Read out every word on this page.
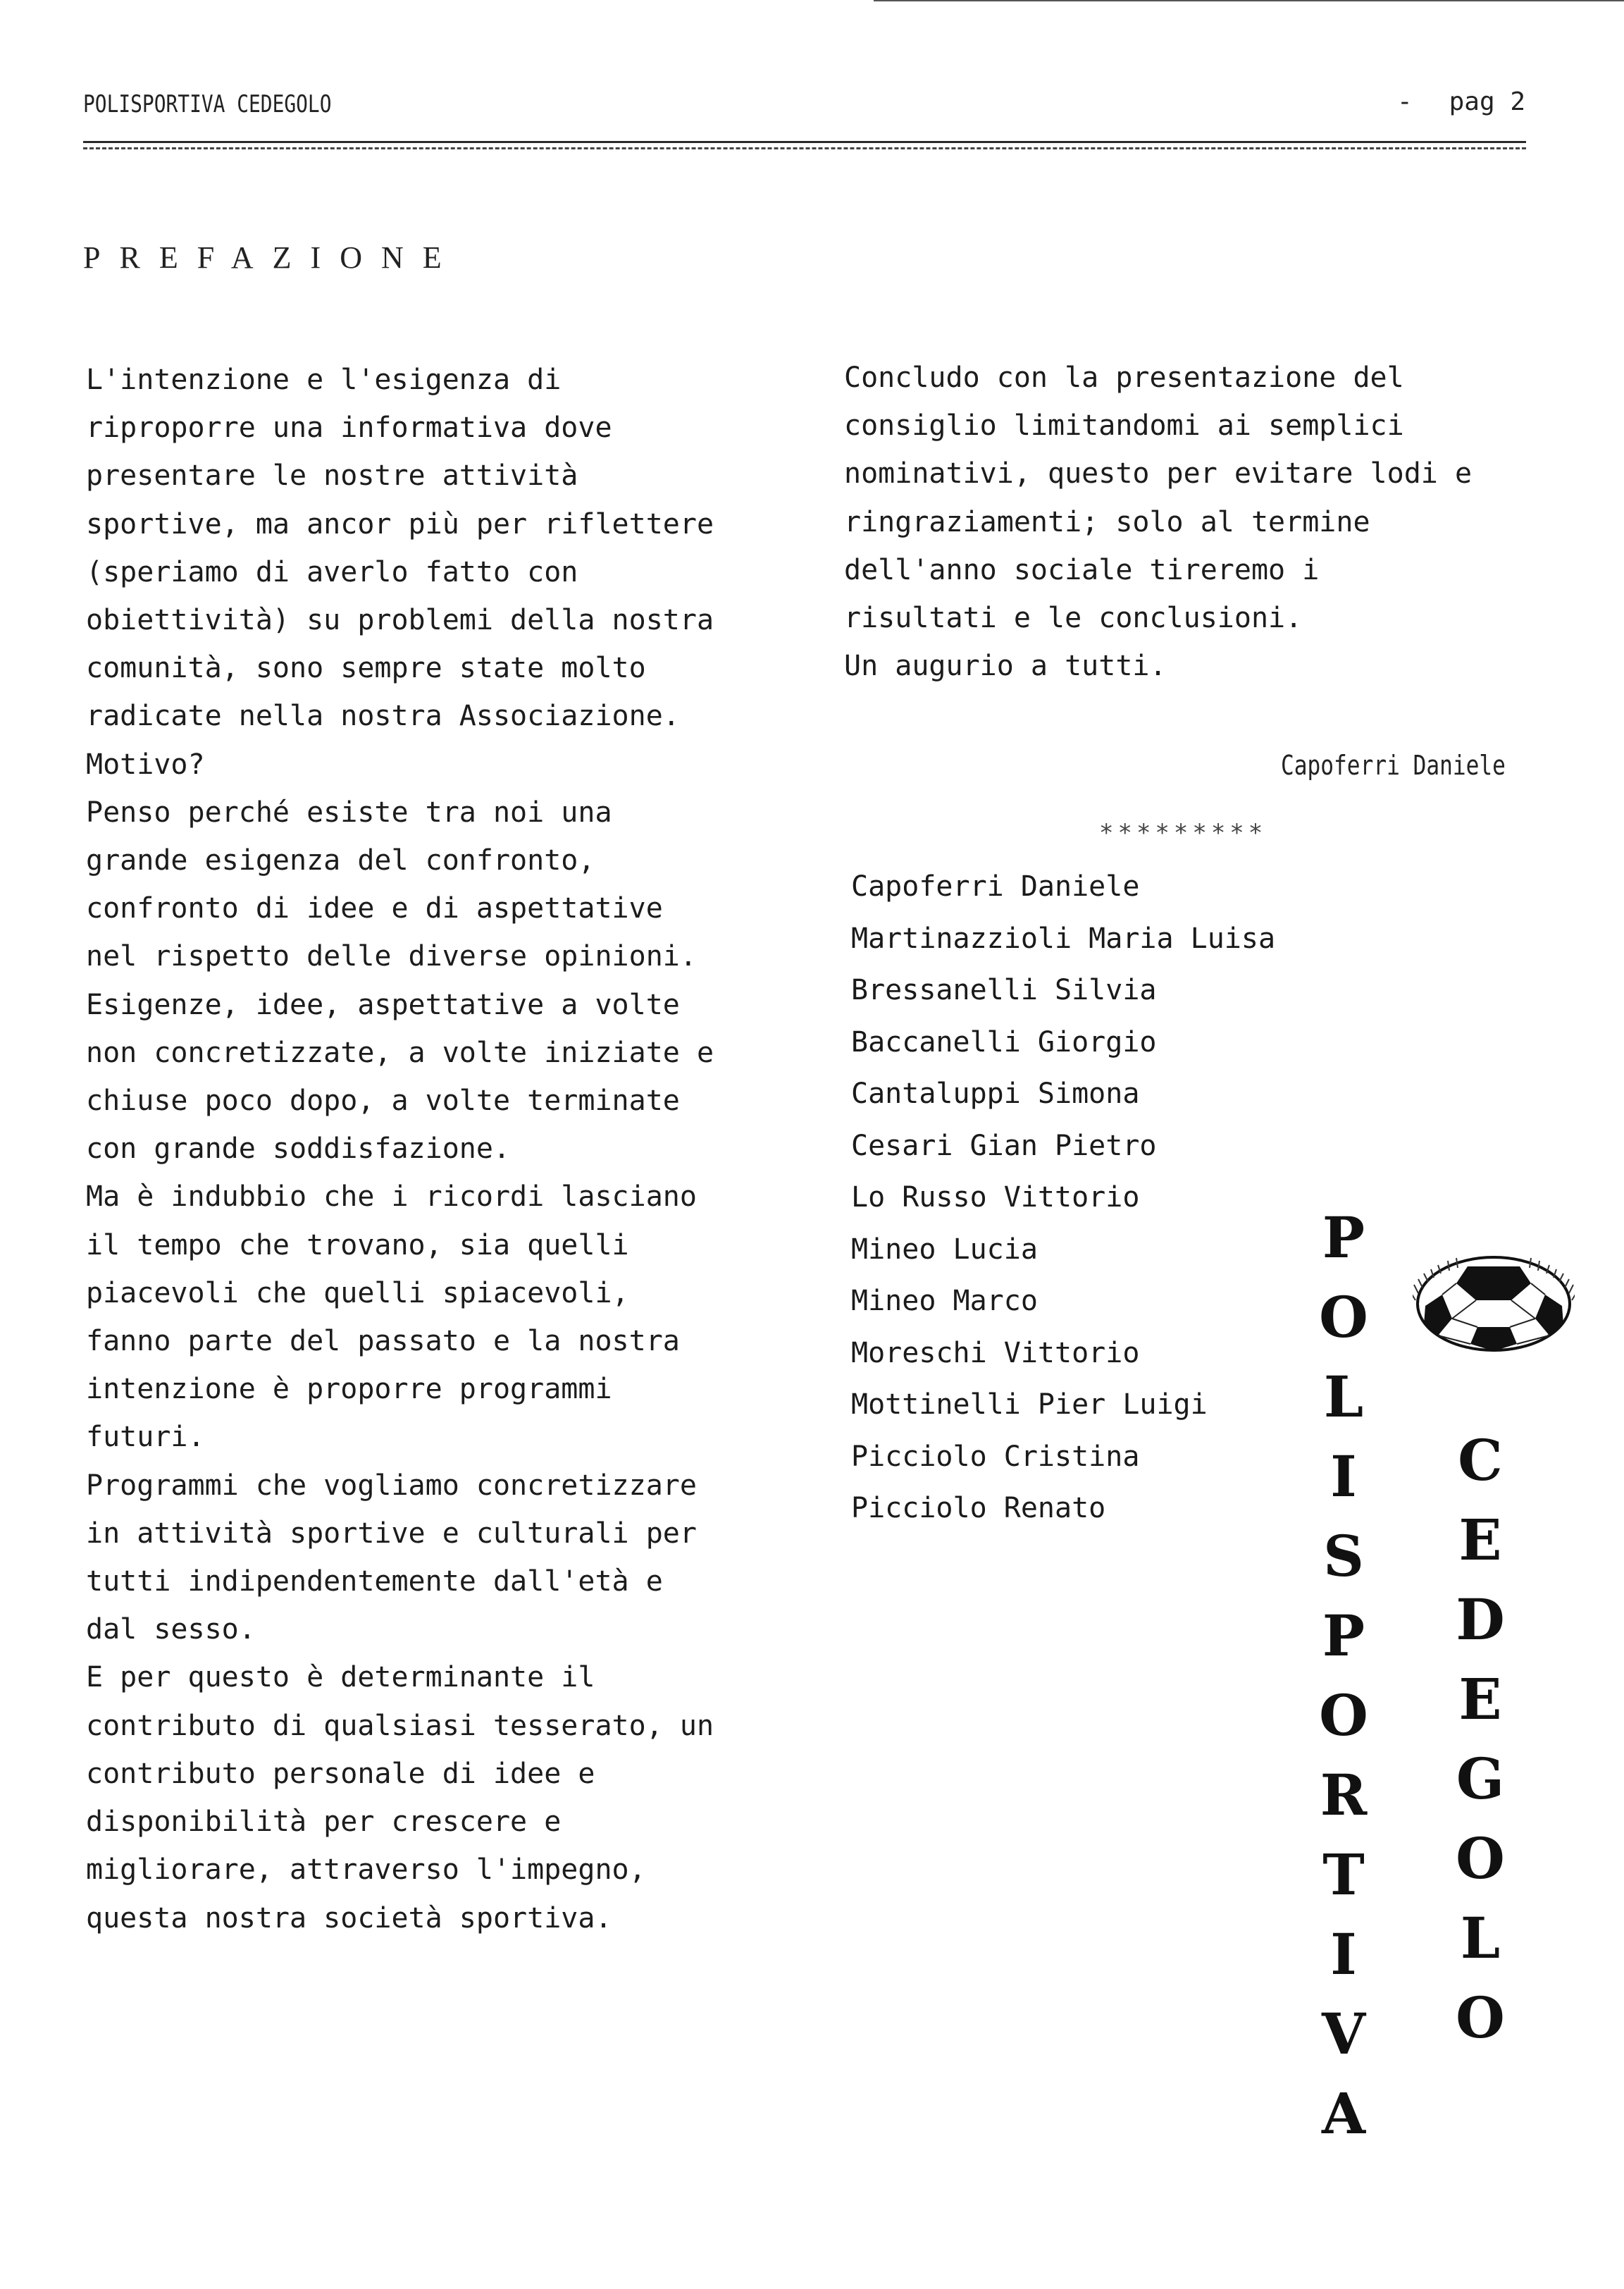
POLISPORTIVA CEDEGOLO	- pag 2
PREFAZIONE

L'intenzione e l'esigenza di

riproporre una informativa dove

presentare le nostre attività

sportive, ma ancor più per riflettere

(speriamo di averlo fatto con

obiettività) su problemi della nostra

comunità, sono sempre state molto

radicate nella nostra Associazione.

Motivo?

Penso perché esiste tra noi una

grande esigenza del confronto,

confronto di idee e di aspettative

nel rispetto delle diverse opinioni.

Esigenze, idee, aspettative a volte

non concretizzate, a volte iniziate e

chiuse poco dopo, a volte terminate

con grande soddisfazione.

Ma è indubbio che i ricordi lasciano

il tempo che trovano, sia quelli

piacevoli che quelli spiacevoli,

fanno parte del passato e la nostra

intenzione è proporre programmi

futuri.

Programmi che vogliamo concretizzare

in attività sportive e culturali per

tutti indipendentemente dall'età e

dal sesso.

E per questo è determinante il

contributo di qualsiasi tesserato, un

contributo personale di idee e

disponibilità per crescere e

migliorare, attraverso l'impegno,

questa nostra società sportiva.

Concludo con la presentazione del

consiglio limitandomi ai semplici

nominativi, questo per evitare lodi e

ringraziamenti; solo al termine

dell'anno sociale tireremo i

risultati e le conclusioni.

Un augurio a tutti.

Capoferri Daniele
*********
Capoferri Daniele
Martinazzioli Maria Luisa
Bressanelli Silvia
Baccanelli Giorgio
Cantaluppi Simona
Cesari Gian Pietro
Lo Russo Vittorio
Mineo Lucia
Mineo Marco
Moreschi Vittorio
Mottinelli Pier Luigi
Picciolo Cristina
Picciolo Renato
P
O
L
I
S
P
O
R
T
I
V
A
C
E
D
E
G
O
L
O
